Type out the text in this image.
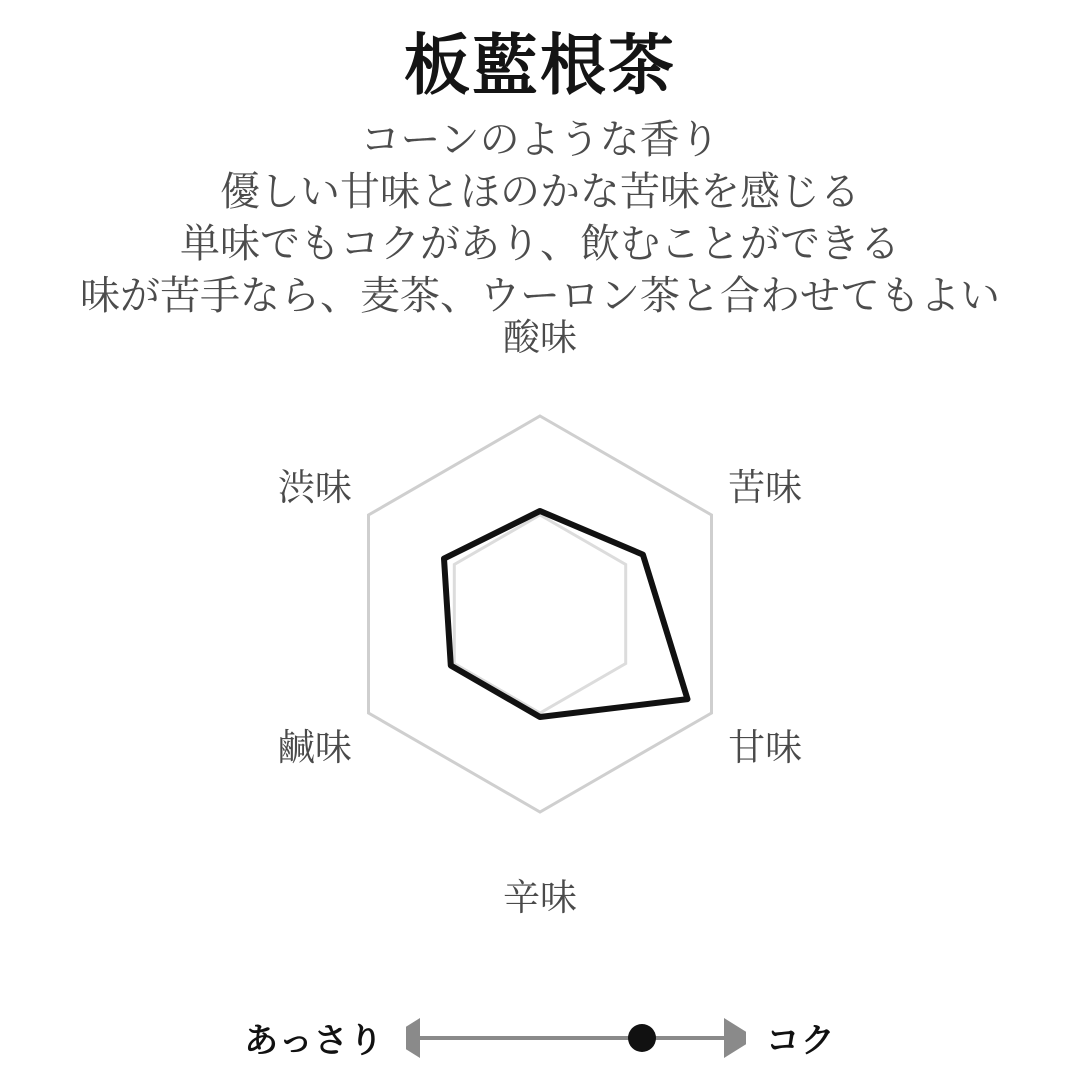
板藍根茶
コーンのような香り
優しい甘味とほのかな苦味を感じる
単味でもコクがあり、飲むことができる
味が苦手なら、麦茶、ウーロン茶と合わせてもよい
酸味
苦味
甘味
辛味
鹹味
渋味
あっさり	コク
